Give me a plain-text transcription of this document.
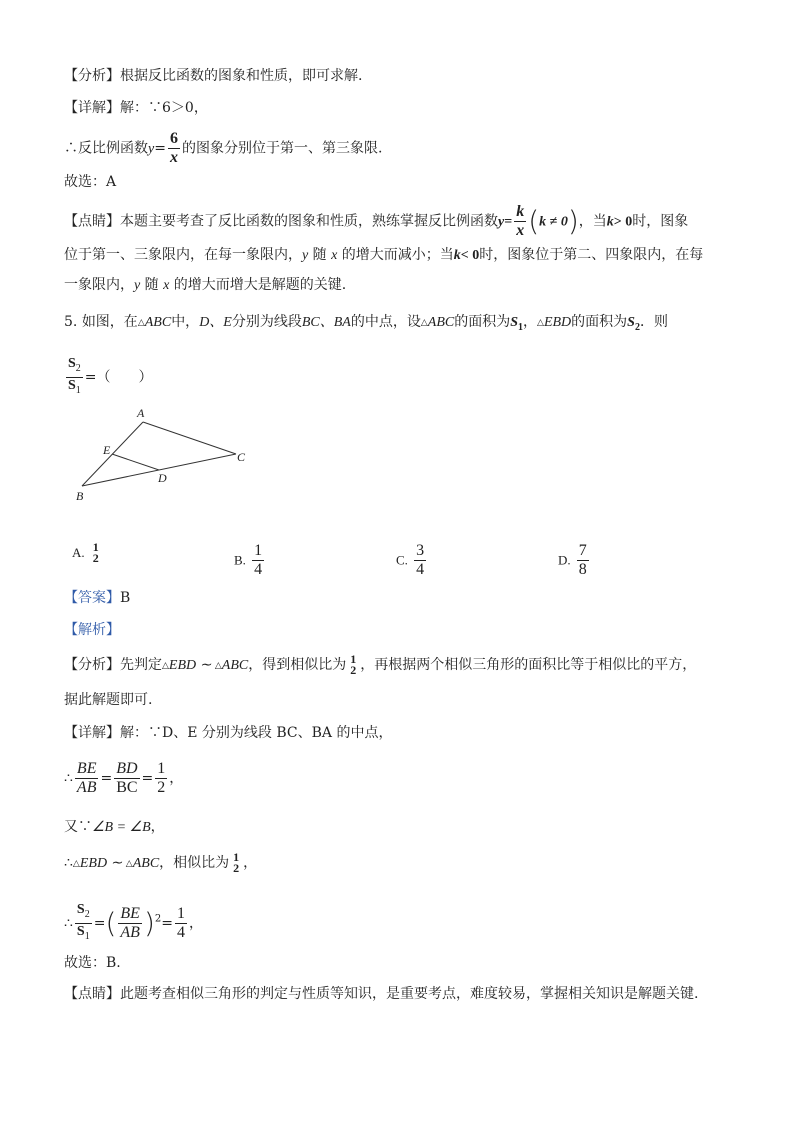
【分析】根据反比函数的图象和性质，即可求解.
【详解】解：∵6＞0，
∴反比例函数$y= \frac{6}{x}$ 的图象分别位于第一、第三象限.
故选：A
【点睛】本题主要考查了反比函数的图象和性质，熟练掌握反比例函数$y= \frac{k}{x} (k \ne 0)$，当k> 0时，图象
位于第一、三象限内，在每一象限内，y 随 x 的增大而减小；当k< 0时，图象位于第二、四象限内，在每
一象限内，y 随 x 的增大而增大是解题的关键.
5. 如图，在△ABC中，D、E分别为线段BC、BA的中点，设△ABC的面积为$S_1$，△EBD的面积为$S_2$．则
$\frac{S_2}{S_1}$ =（　　）
A
B
C
D
E
A. 1
2	B. $\frac{1}{4}$	C. $\frac{3}{4}$	D. $\frac{7}{8}$
【答案】B
【解析】
【分析】先判定△EBD ∼ △ABC，得到相似比为 1
2 ，再根据两个相似三角形的面积比等于相似比的平方，
据此解题即可.
【详解】解：∵D、E 分别为线段 BC、BA 的中点，
∴ $\frac{BE}{AB} = \frac{BD}{BC} = \frac{1}{2}$ ，
又∵∠B = ∠B，
∴△EBD ∼ △ABC，相似比为 1
2 ，
∴ $\frac{S_2}{S_1}$ =( $\frac{BE}{AB} )^2= \frac{1}{4}$ ，
故选：B.
【点睛】此题考查相似三角形的判定与性质等知识，是重要考点，难度较易，掌握相关知识是解题关键.
